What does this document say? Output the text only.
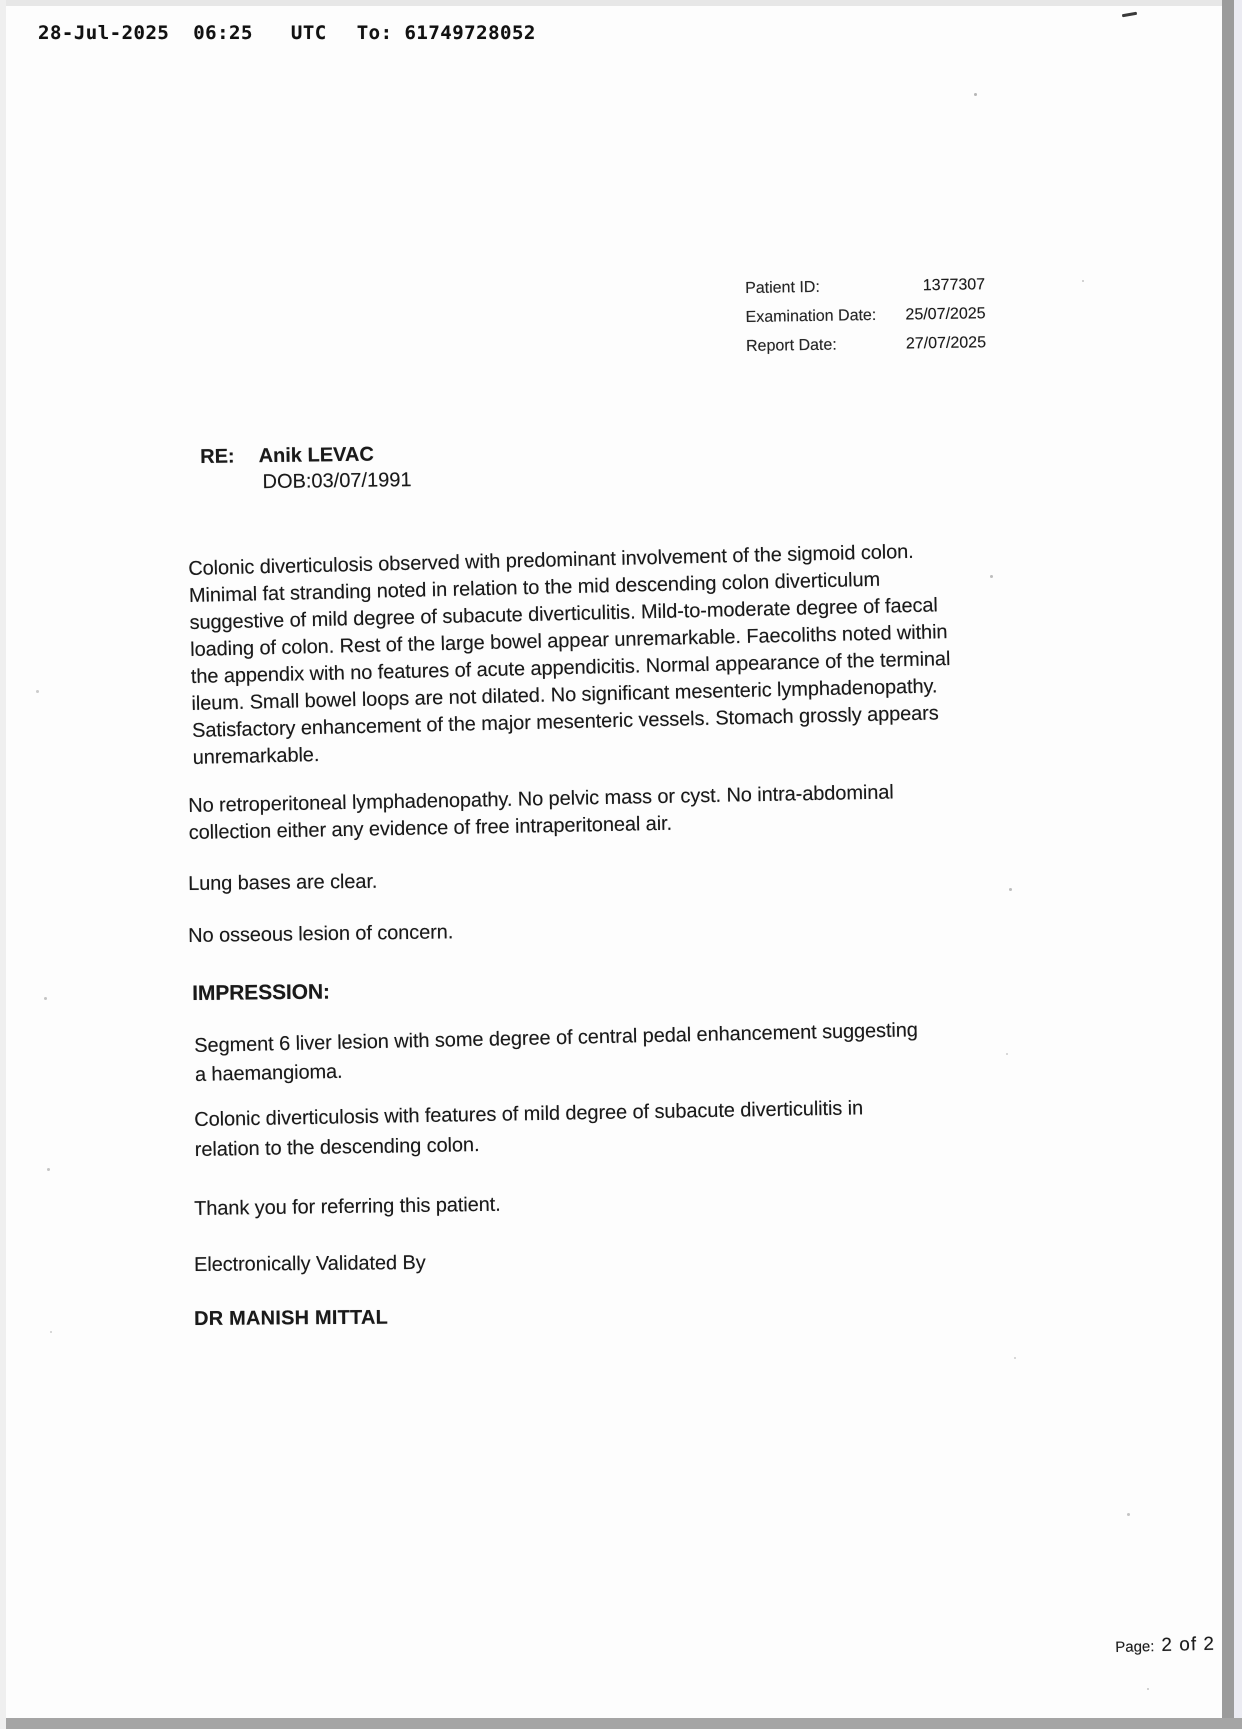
28-Jul-2025  06:25 UTC To: 61749728052
Patient ID:	1377307
Examination Date: 25/07/2025
Report Date:	27/07/2025
RE: Anik LEVAC
DOB:03/07/1991
Colonic diverticulosis observed with predominant involvement of the sigmoid colon.
Minimal fat stranding noted in relation to the mid descending colon diverticulum
suggestive of mild degree of subacute diverticulitis. Mild-to-moderate degree of faecal
loading of colon. Rest of the large bowel appear unremarkable. Faecoliths noted within
the appendix with no features of acute appendicitis. Normal appearance of the terminal
ileum. Small bowel loops are not dilated. No significant mesenteric lymphadenopathy.
Satisfactory enhancement of the major mesenteric vessels. Stomach grossly appears
unremarkable.
No retroperitoneal lymphadenopathy. No pelvic mass or cyst. No intra-abdominal
collection either any evidence of free intraperitoneal air.
Lung bases are clear.
No osseous lesion of concern.
IMPRESSION:
Segment 6 liver lesion with some degree of central pedal enhancement suggesting
a haemangioma.
Colonic diverticulosis with features of mild degree of subacute diverticulitis in
relation to the descending colon.
Thank you for referring this patient.
Electronically Validated By
DR MANISH MITTAL
Page: 2 of 2
